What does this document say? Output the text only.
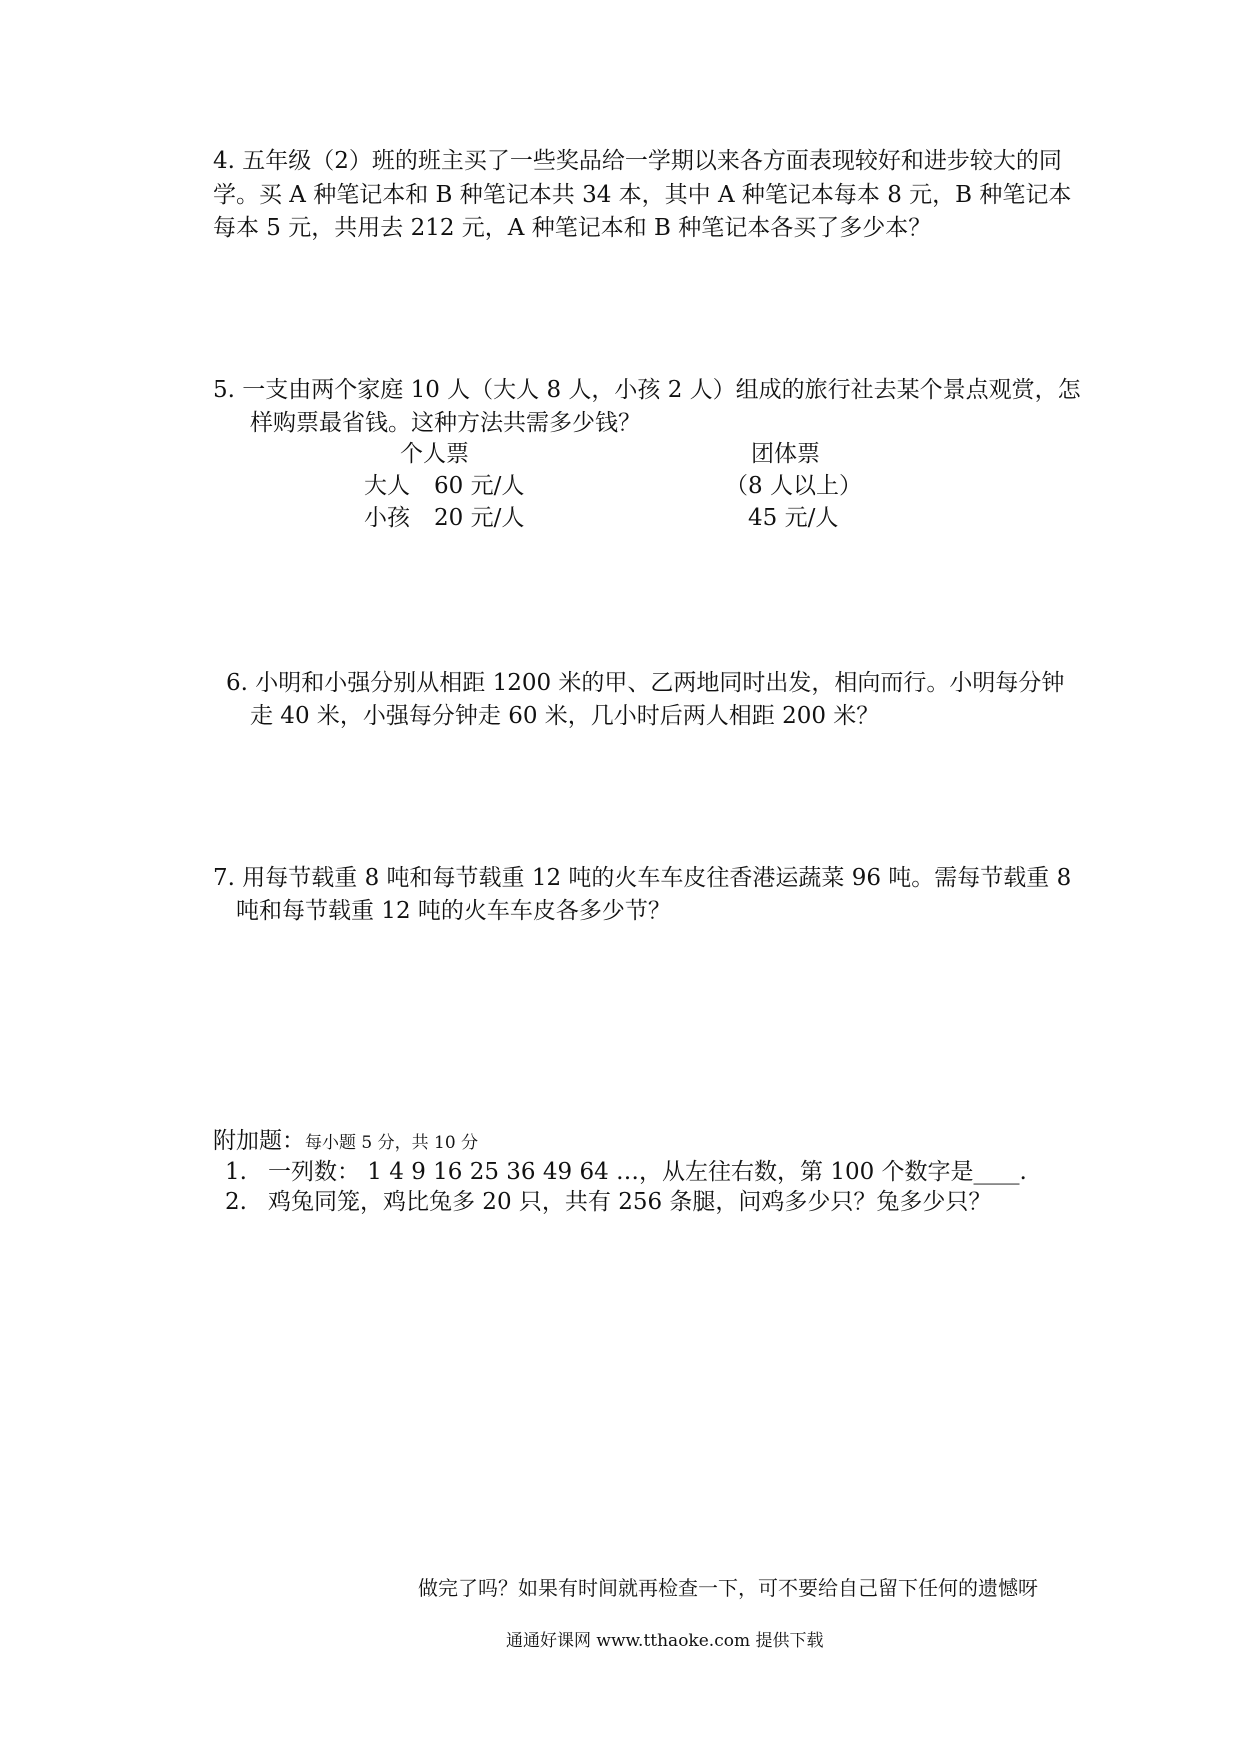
4. 五年级（2）班的班主买了一些奖品给一学期以来各方面表现较好和进步较大的同
学。买 A 种笔记本和 B 种笔记本共 34 本，其中 A 种笔记本每本 8 元，B 种笔记本
每本 5 元，共用去 212 元，A 种笔记本和 B 种笔记本各买了多少本？
5. 一支由两个家庭 10 人（大人 8 人，小孩 2 人）组成的旅行社去某个景点观赏，怎
样购票最省钱。这种方法共需多少钱？
个人票	团体票
大人 60 元/人	（8 人以上）
小孩 20 元/人	45 元/人
6. 小明和小强分别从相距 1200 米的甲、乙两地同时出发，相向而行。小明每分钟
走 40 米，小强每分钟走 60 米，几小时后两人相距 200 米？
7. 用每节载重 8 吨和每节载重 12 吨的火车车皮往香港运蔬菜 96 吨。需每节载重 8
吨和每节载重 12 吨的火车车皮各多少节？
附加题：每小题 5 分，共 10 分
1. 一列数： 1 4 9 16 25 36 49 64 …，从左往右数，第 100 个数字是____.
2. 鸡兔同笼，鸡比兔多 20 只，共有 256 条腿，问鸡多少只？兔多少只？
做完了吗？如果有时间就再检查一下，可不要给自己留下任何的遗憾呀
通通好课网 www.tthaoke.com 提供下载
